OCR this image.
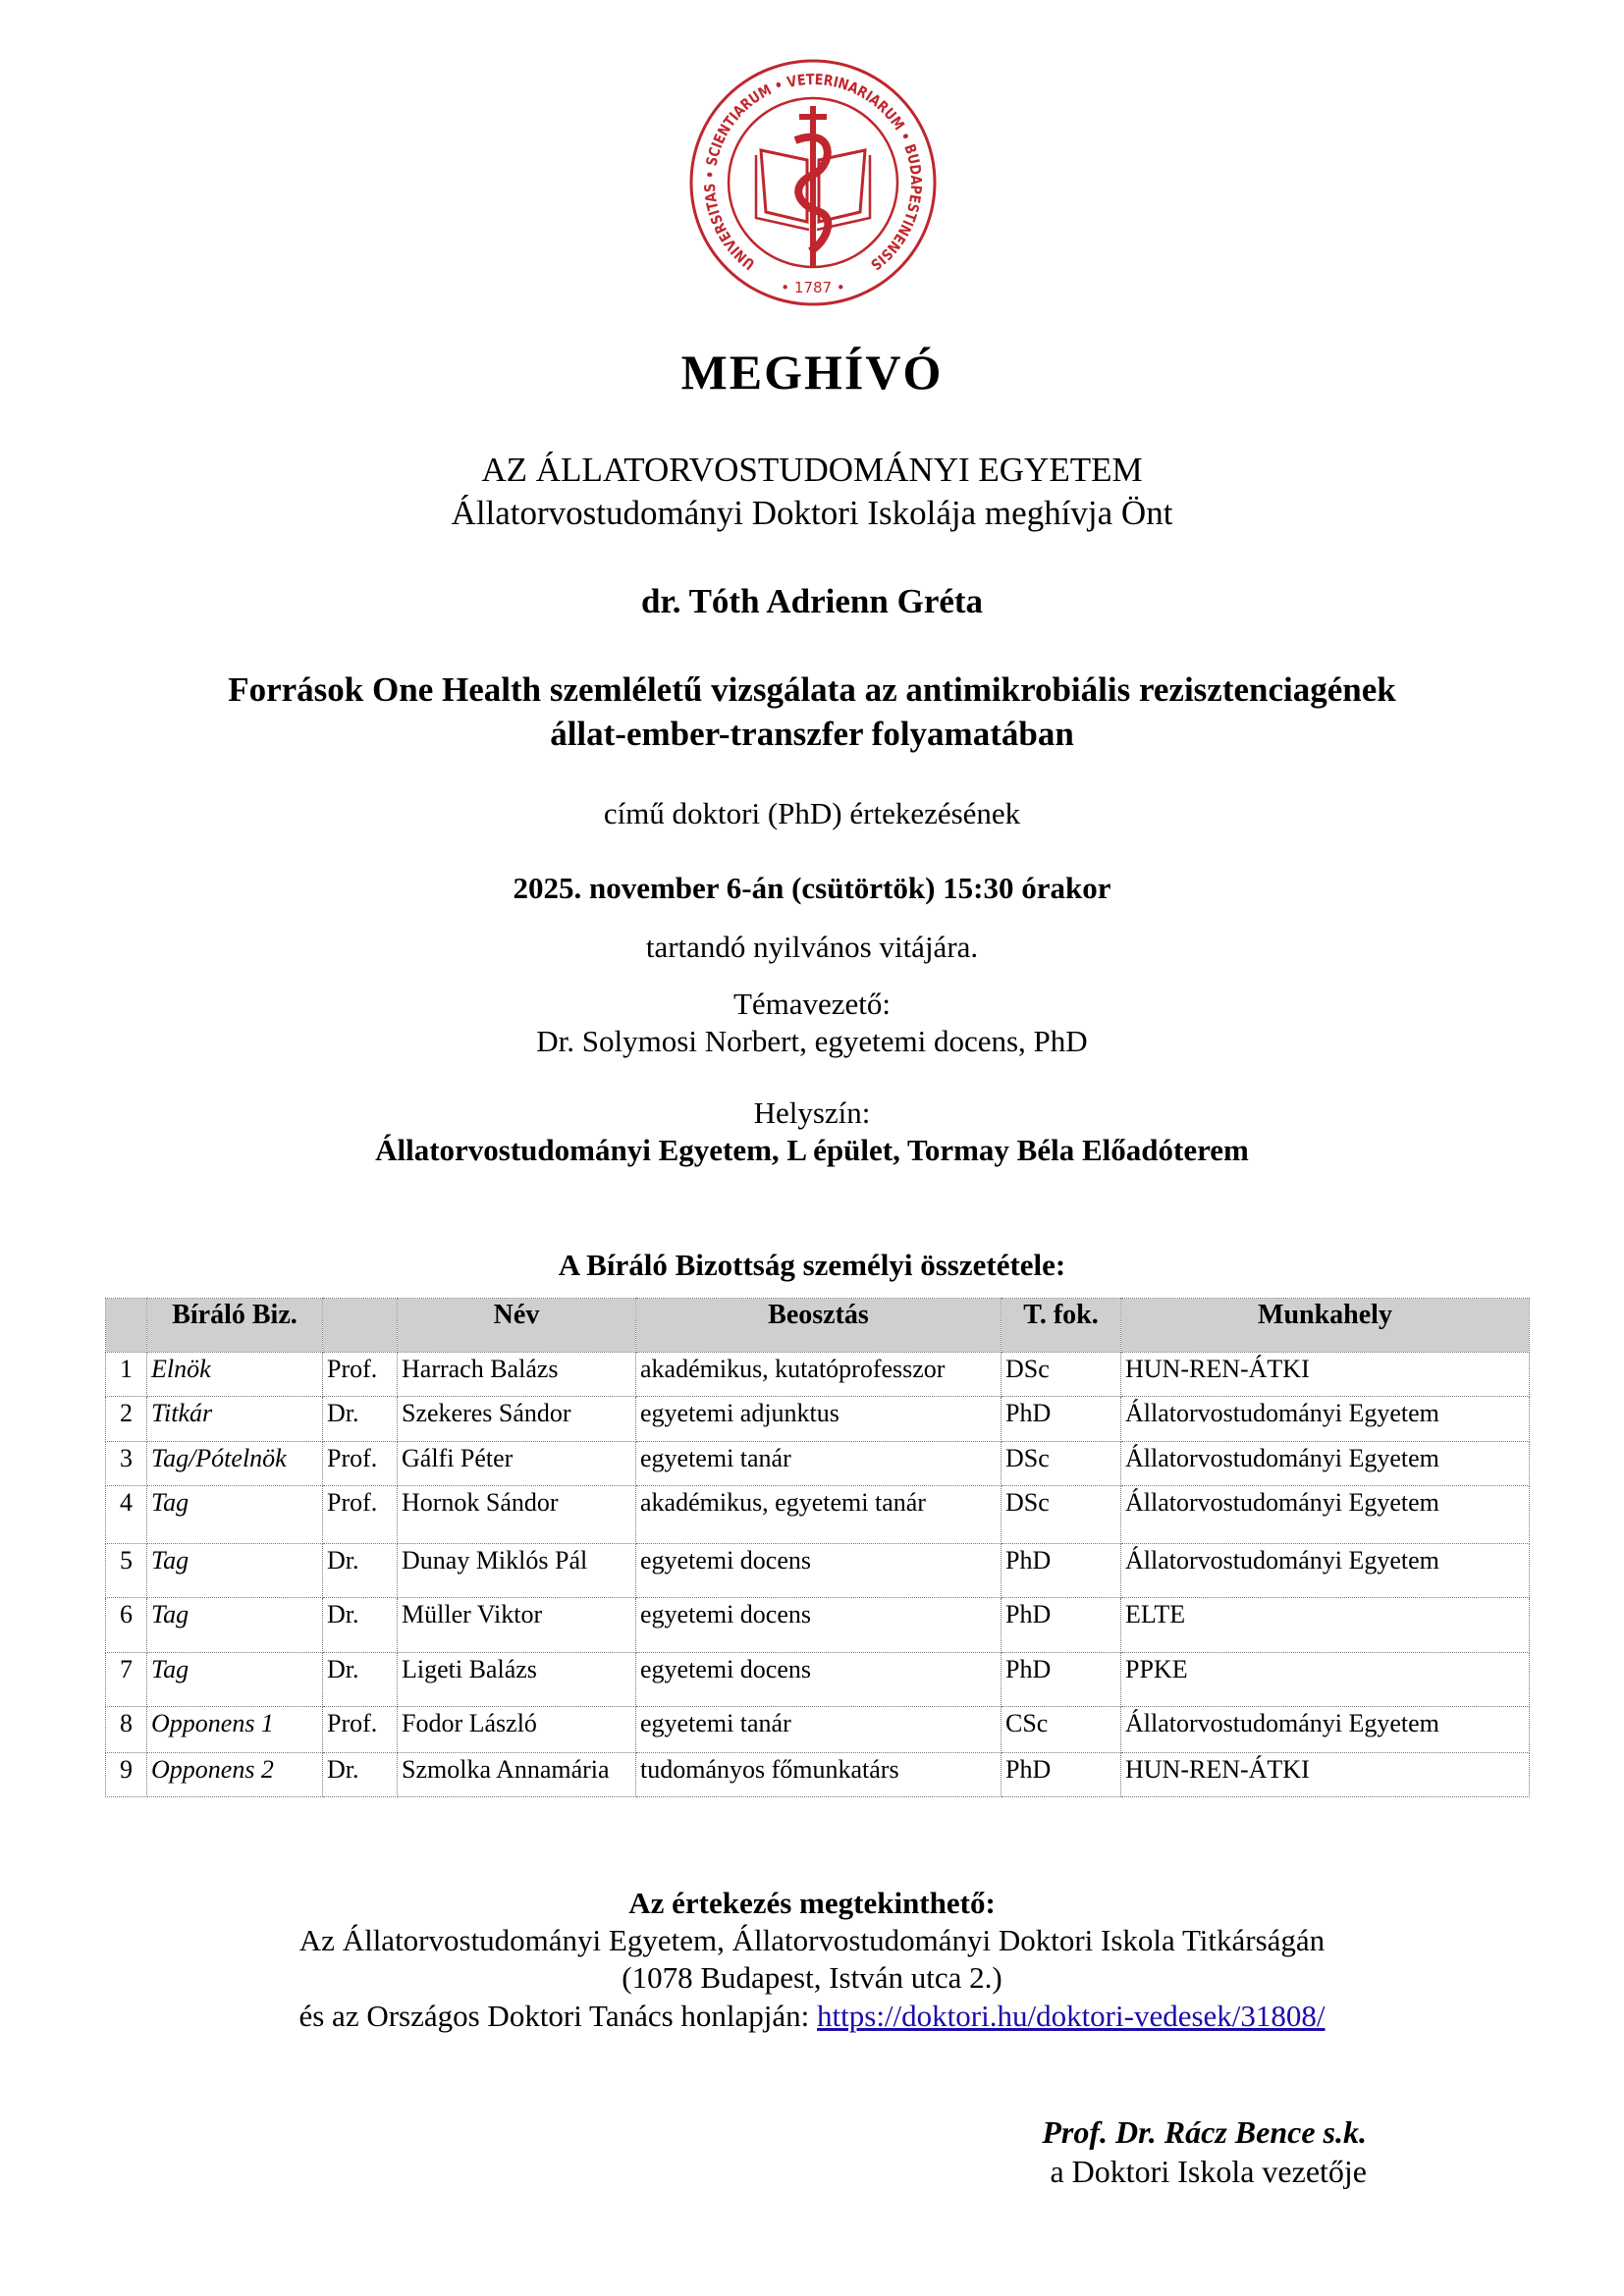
UNIVERSITAS • SCIENTIARUM • VETERINARIARUM • BUDAPESTINENSIS
• 1787 •
MEGHÍVÓ
AZ ÁLLATORVOSTUDOMÁNYI EGYETEM
Állatorvostudományi Doktori Iskolája meghívja Önt
dr. Tóth Adrienn Gréta
Források One Health szemléletű vizsgálata az antimikrobiális rezisztenciagének
állat-ember-transzfer folyamatában
című doktori (PhD) értekezésének
2025. november 6-án (csütörtök) 15:30 órakor
tartandó nyilvános vitájára.
Témavezető:
Dr. Solymosi Norbert, egyetemi docens, PhD
Helyszín:
Állatorvostudományi Egyetem, L épület, Tormay Béla Előadóterem
A Bíráló Bizottság személyi összetétele:
	Bíráló Biz.		Név	Beosztás	T. fok.	Munkahely
1	Elnök	Prof.	Harrach Balázs	akadémikus, kutatóprofesszor	DSc	HUN-REN-ÁTKI
2	Titkár	Dr.	Szekeres Sándor	egyetemi adjunktus	PhD	Állatorvostudományi Egyetem
3	Tag/Pótelnök	Prof.	Gálfi Péter	egyetemi tanár	DSc	Állatorvostudományi Egyetem
4	Tag	Prof.	Hornok Sándor	akadémikus, egyetemi tanár	DSc	Állatorvostudományi Egyetem
5	Tag	Dr.	Dunay Miklós Pál	egyetemi docens	PhD	Állatorvostudományi Egyetem
6	Tag	Dr.	Müller Viktor	egyetemi docens	PhD	ELTE
7	Tag	Dr.	Ligeti Balázs	egyetemi docens	PhD	PPKE
8	Opponens 1	Prof.	Fodor László	egyetemi tanár	CSc	Állatorvostudományi Egyetem
9	Opponens 2	Dr.	Szmolka Annamária	tudományos főmunkatárs	PhD	HUN-REN-ÁTKI
Az értekezés megtekinthető:
Az Állatorvostudományi Egyetem, Állatorvostudományi Doktori Iskola Titkárságán
(1078 Budapest, István utca 2.)
és az Országos Doktori Tanács honlapján: https://doktori.hu/doktori-vedesek/31808/
Prof. Dr. Rácz Bence s.k.
a Doktori Iskola vezetője
